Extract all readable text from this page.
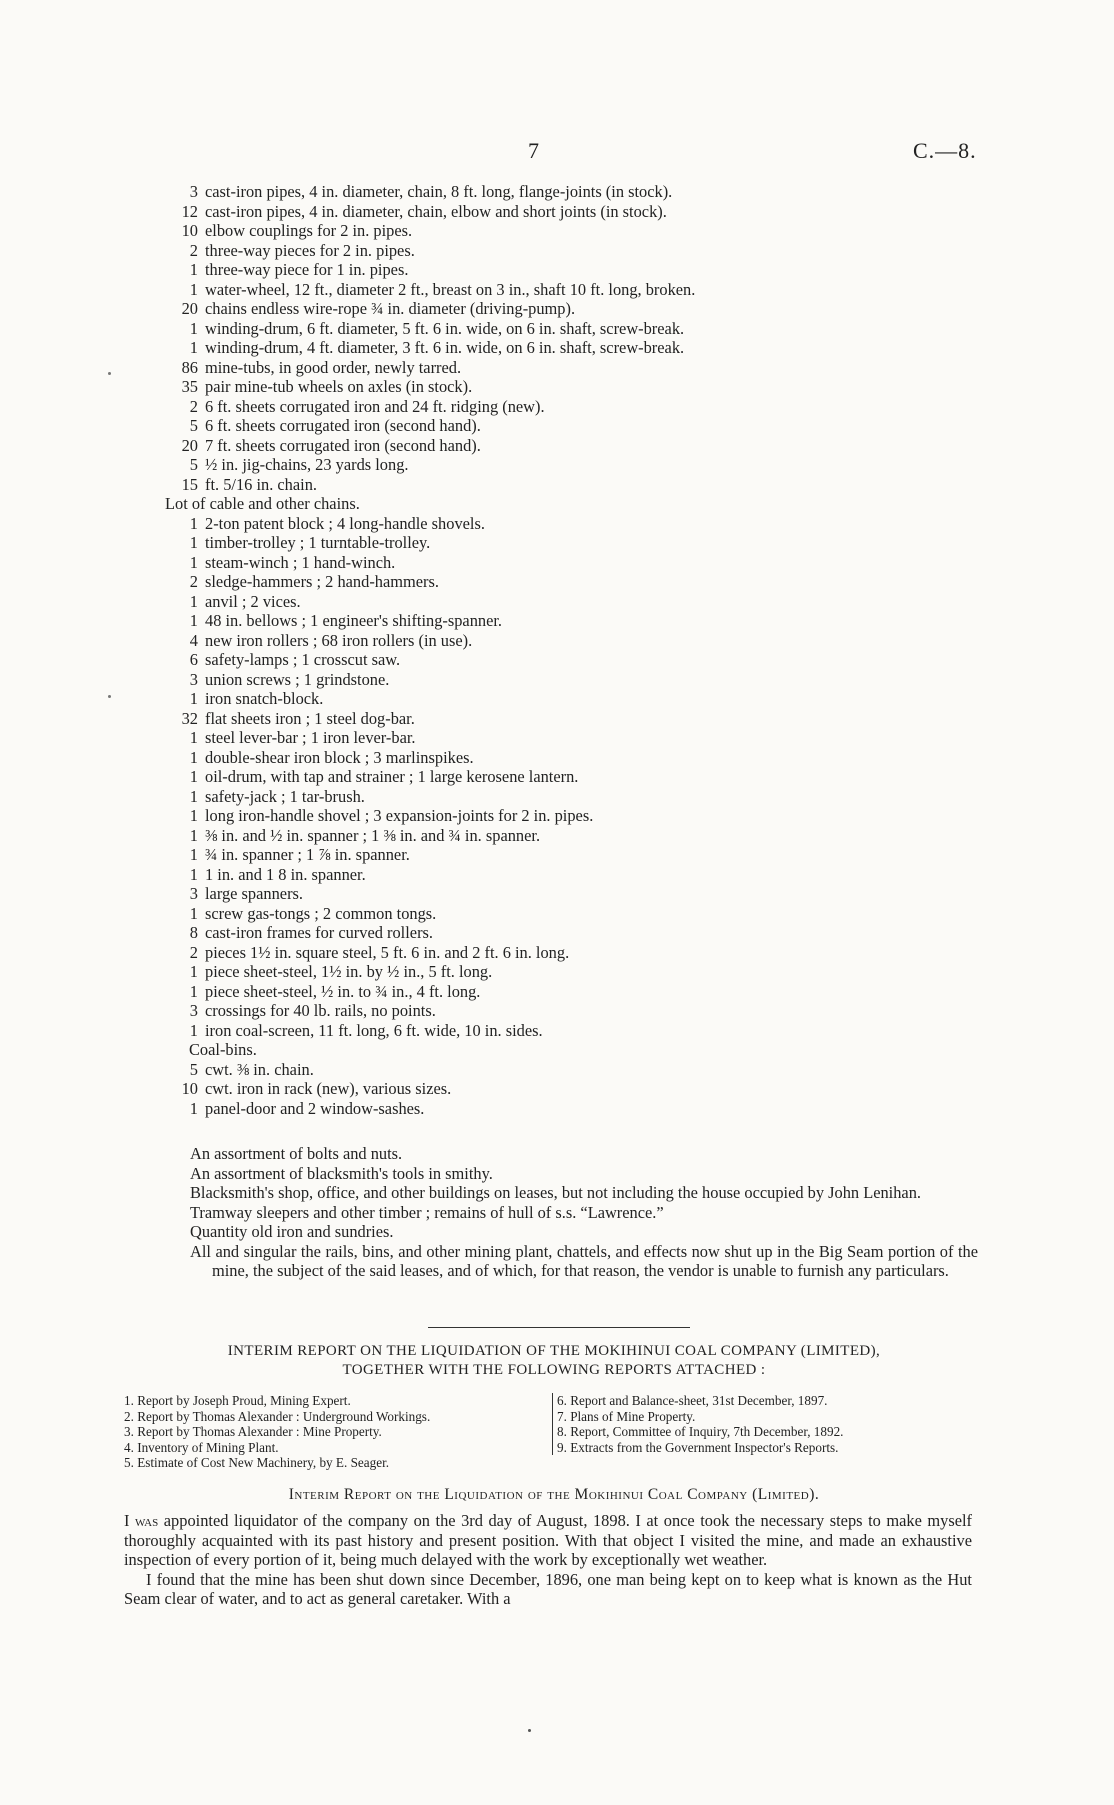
7	C.—8.
3 cast-iron pipes, 4 in. diameter, chain, 8 ft. long, flange-joints (in stock).
12 cast-iron pipes, 4 in. diameter, chain, elbow and short joints (in stock).
10 elbow couplings for 2 in. pipes.
2 three-way pieces for 2 in. pipes.
1 three-way piece for 1 in. pipes.
1 water-wheel, 12 ft., diameter 2 ft., breast on 3 in., shaft 10 ft. long, broken.
20 chains endless wire-rope ¾ in. diameter (driving-pump).
1 winding-drum, 6 ft. diameter, 5 ft. 6 in. wide, on 6 in. shaft, screw-break.
1 winding-drum, 4 ft. diameter, 3 ft. 6 in. wide, on 6 in. shaft, screw-break.
86 mine-tubs, in good order, newly tarred.
35 pair mine-tub wheels on axles (in stock).
2 6 ft. sheets corrugated iron and 24 ft. ridging (new).
5 6 ft. sheets corrugated iron (second hand).
20 7 ft. sheets corrugated iron (second hand).
5 ½ in. jig-chains, 23 yards long.
15 ft. 5/16 in. chain.
Lot of cable and other chains.
1 2-ton patent block ; 4 long-handle shovels.
1 timber-trolley ; 1 turntable-trolley.
1 steam-winch ; 1 hand-winch.
2 sledge-hammers ; 2 hand-hammers.
1 anvil ; 2 vices.
1 48 in. bellows ; 1 engineer's shifting-spanner.
4 new iron rollers ; 68 iron rollers (in use).
6 safety-lamps ; 1 crosscut saw.
3 union screws ; 1 grindstone.
1 iron snatch-block.
32 flat sheets iron ; 1 steel dog-bar.
1 steel lever-bar ; 1 iron lever-bar.
1 double-shear iron block ; 3 marlinspikes.
1 oil-drum, with tap and strainer ; 1 large kerosene lantern.
1 safety-jack ; 1 tar-brush.
1 long iron-handle shovel ; 3 expansion-joints for 2 in. pipes.
1 ⅜ in. and ½ in. spanner ; 1 ⅜ in. and ¾ in. spanner.
1 ¾ in. spanner ; 1 ⅞ in. spanner.
1 1 in. and 1 8 in. spanner.
3 large spanners.
1 screw gas-tongs ; 2 common tongs.
8 cast-iron frames for curved rollers.
2 pieces 1½ in. square steel, 5 ft. 6 in. and 2 ft. 6 in. long.
1 piece sheet-steel, 1½ in. by ½ in., 5 ft. long.
1 piece sheet-steel, ½ in. to ¾ in., 4 ft. long.
3 crossings for 40 lb. rails, no points.
1 iron coal-screen, 11 ft. long, 6 ft. wide, 10 in. sides.
Coal-bins.
5 cwt. ⅜ in. chain.
10 cwt. iron in rack (new), various sizes.
1 panel-door and 2 window-sashes.
An assortment of bolts and nuts.
An assortment of blacksmith's tools in smithy.
Blacksmith's shop, office, and other buildings on leases, but not including the house occupied by John Lenihan.
Tramway sleepers and other timber ; remains of hull of s.s. “Lawrence.”
Quantity old iron and sundries.
All and singular the rails, bins, and other mining plant, chattels, and effects now shut up in the Big Seam portion of the mine, the subject of the said leases, and of which, for that reason, the vendor is unable to furnish any particulars.
INTERIM REPORT ON THE LIQUIDATION OF THE MOKIHINUI COAL COMPANY (LIMITED),
TOGETHER WITH THE FOLLOWING REPORTS ATTACHED :
1. Report by Joseph Proud, Mining Expert.
2. Report by Thomas Alexander : Underground Workings.
3. Report by Thomas Alexander : Mine Property.
4. Inventory of Mining Plant.
5. Estimate of Cost New Machinery, by E. Seager.
6. Report and Balance-sheet, 31st December, 1897.
7. Plans of Mine Property.
8. Report, Committee of Inquiry, 7th December, 1892.
9. Extracts from the Government Inspector's Reports.
Interim Report on the Liquidation of the Mokihinui Coal Company (Limited).

I was appointed liquidator of the company on the 3rd day of August, 1898. I at once took the necessary steps to make myself thoroughly acquainted with its past history and present position. With that object I visited the mine, and made an exhaustive inspection of every portion of it, being much delayed with the work by exceptionally wet weather.

I found that the mine has been shut down since December, 1896, one man being kept on to keep what is known as the Hut Seam clear of water, and to act as general caretaker. With a
